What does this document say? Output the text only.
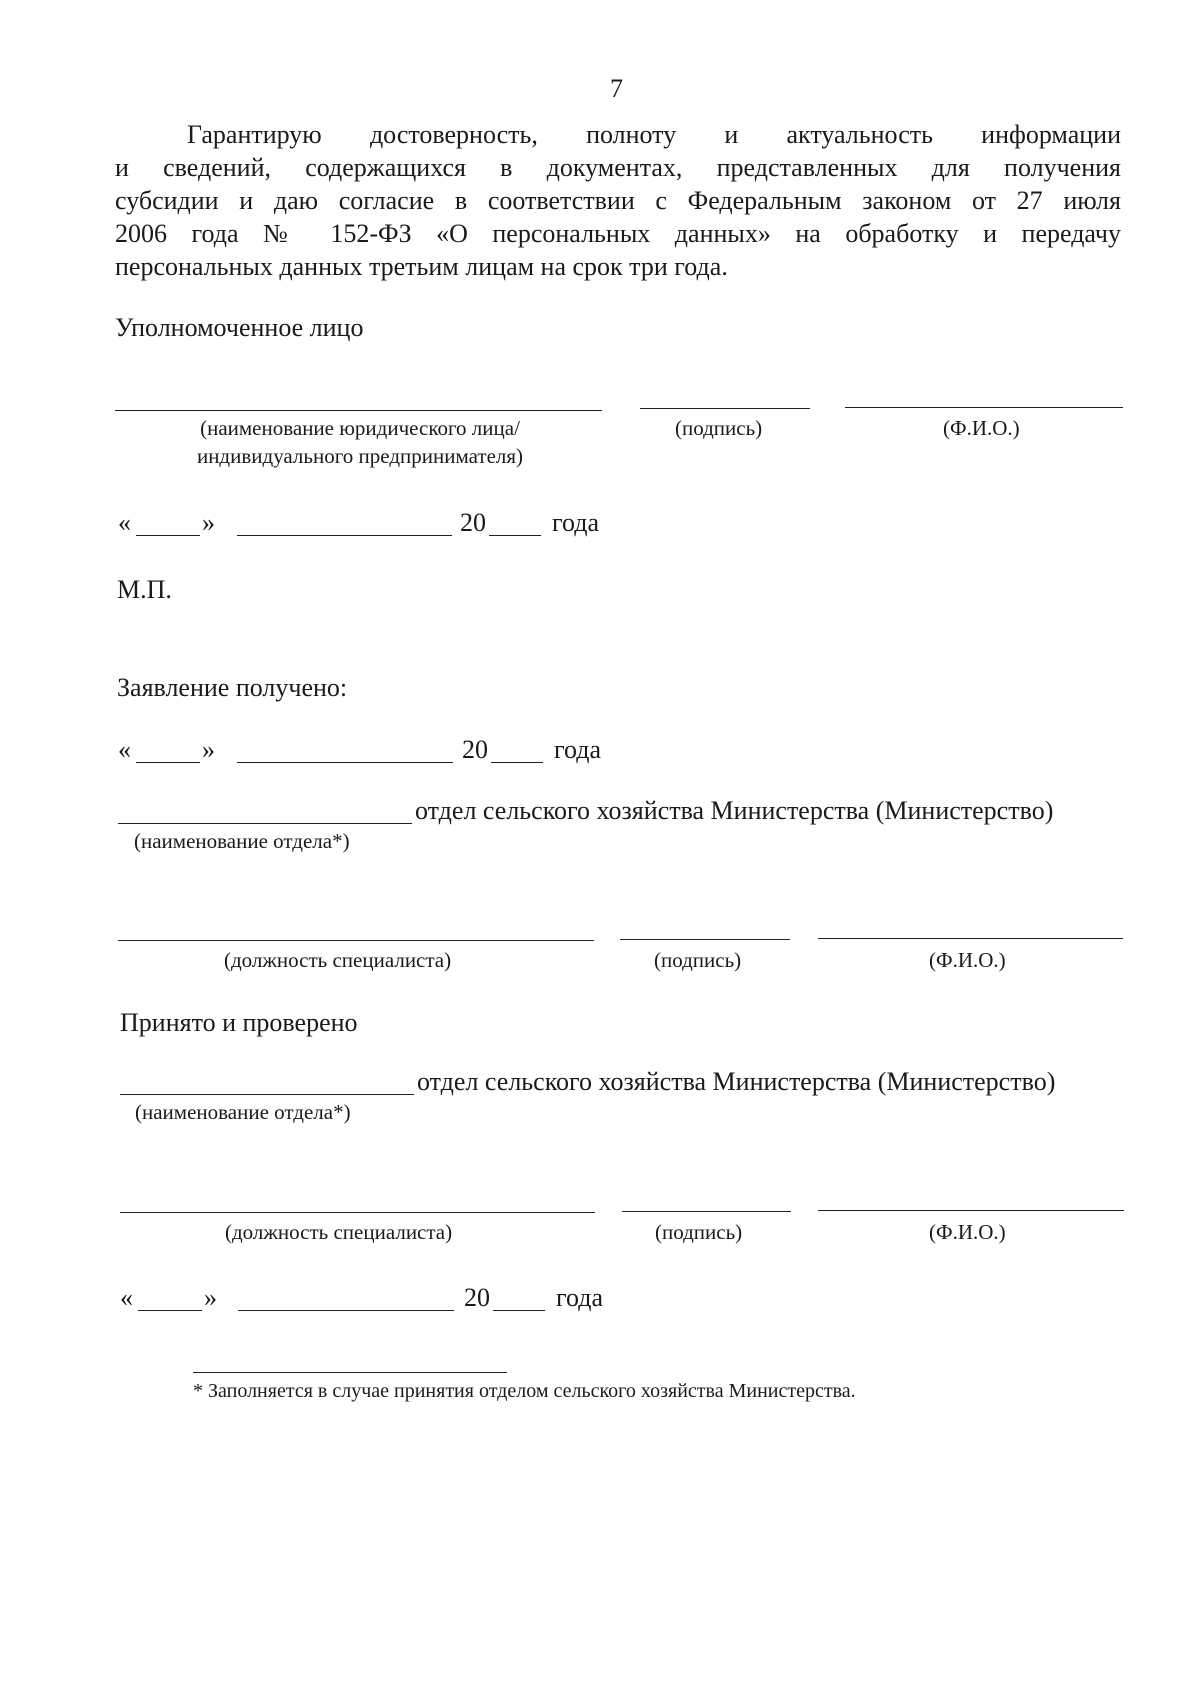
7
Гарантирую достоверность, полноту и актуальность информации
и сведений, содержащихся в документах, представленных для получения
субсидии и даю согласие в соответствии с Федеральным законом от 27 июля
2006 года № 152-ФЗ «О персональных данных» на обработку и передачу
персональных данных третьим лицам на срок три года.
Уполномоченное лицо
(наименование юридического лица/
индивидуального предпринимателя)
(подпись)	(Ф.И.О.)
«	»	20	года
М.П.
Заявление получено:
«	»	20	года
отдел сельского хозяйства Министерства (Министерство)
(наименование отдела*)
(должность специалиста)	(подпись)	(Ф.И.О.)
Принято и проверено
отдел сельского хозяйства Министерства (Министерство)
(наименование отдела*)
(должность специалиста)	(подпись)	(Ф.И.О.)
«	»	20	года
* Заполняется в случае принятия отделом сельского хозяйства Министерства.
